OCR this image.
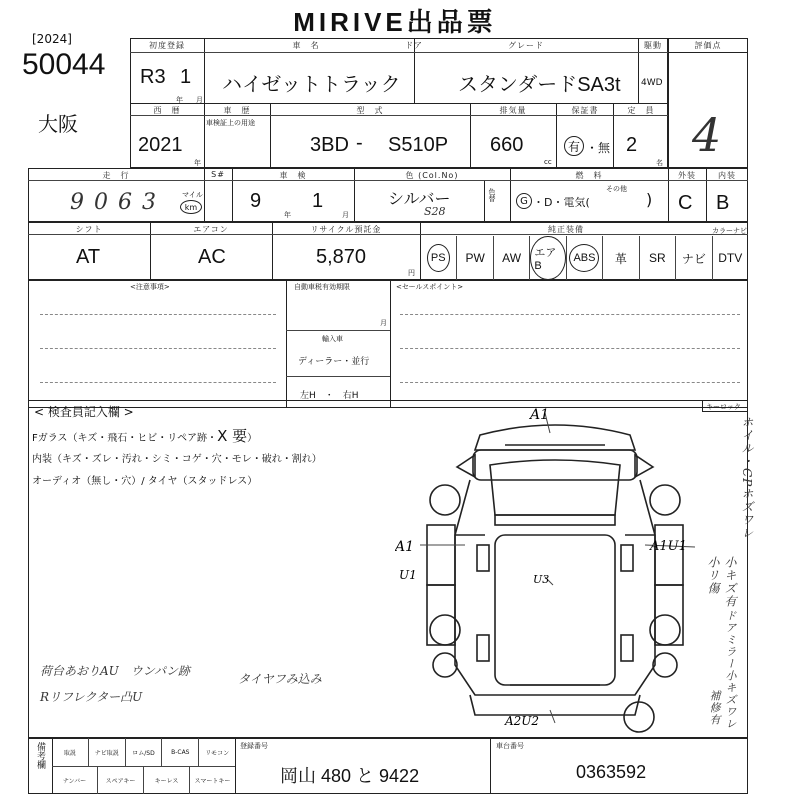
MIRIVE出品票
[2024]
50044
大阪
初度登録
R3 1
年 月
車　名
ハイゼットトラック
ドア	グレード
スタンダードSA3t
駆動
4WD
評価点
4
西　暦
2021
年
車　歴
車検証上の用途
型　式
3BD - S510P
排気量
660
cc
保証書
有 ・無
定　員
2
名
走　行
9063 マイル
km
S#	車　検
9
年
1
月
色 (Col.No)
シルバー
S28
色替
燃　料
G ・D・電気(
その他
)
外装
C
内装
B
シフト
AT
エアコン
AC
リサイクル預託金
5,870
円
純正装備	カラーナビ
PS	PW AW	エアB
ABS	革 SR ナビ DTV
<注意事項>	自動車税有効期限
月
輸入車
ディーラー・並行
左H　・　右H
<セールスポイント>
< 検査員記入欄 >
Fガラス（キズ・飛石・ヒビ・リペア跡・X 要）
内装（キズ・ズレ・汚れ・シミ・コゲ・穴・モレ・破れ・割れ）
オーディオ（無し・穴）/ タイヤ（スタッドレス）
荷台あおりAU　ウンパン跡
タイヤフみ込み
Rリフレクター凸U
キーロック
ホイル・CPホズワレ
小キズ有
小リ傷
ドアミラー小キズワレ
補修有
A1
A1
U1
A1U1
U3
A2U2
備考欄	取説	ナビ取説	ロム/SD	B-CAS	リモコン
ナンバー	スペアキー	キーレス	スマートキー
登録番号
岡山 480 と 9422
車台番号
0363592
